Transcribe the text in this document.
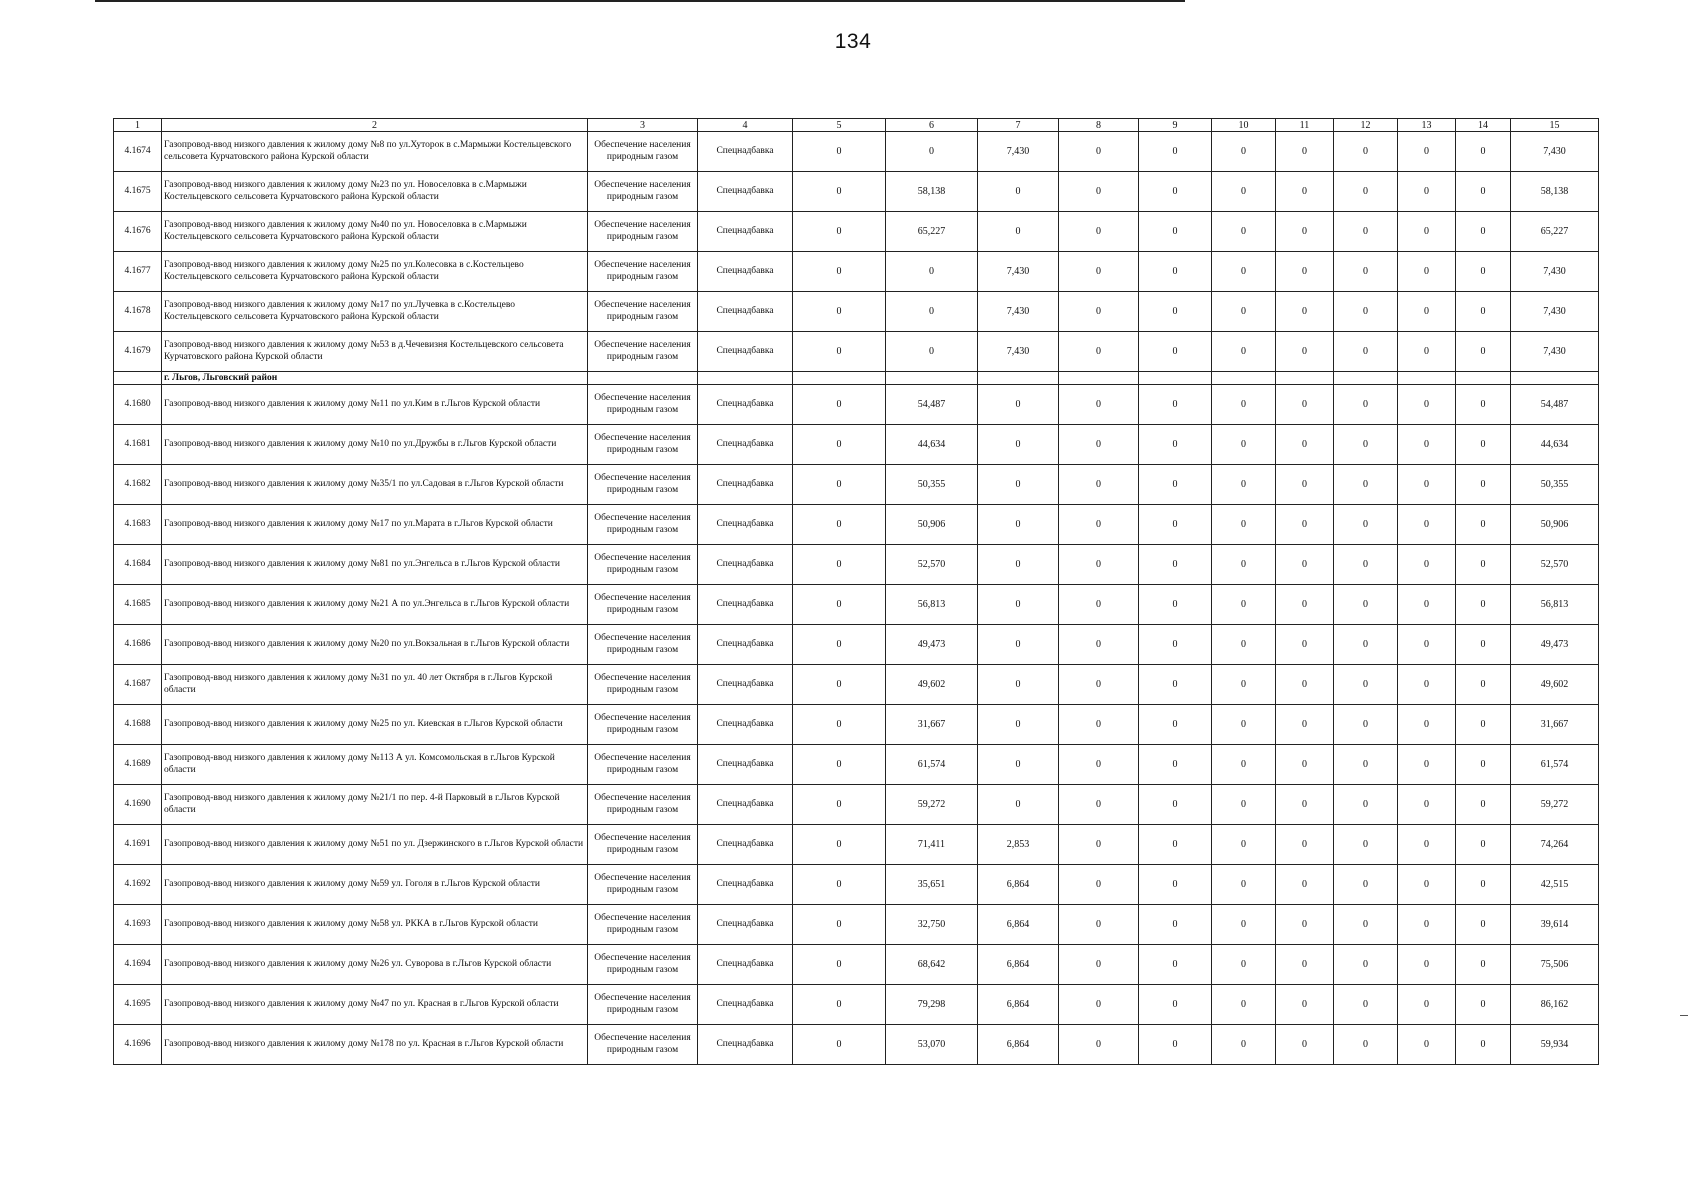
134
1	2	3	4	5	6	7	8	9	10	11	12	13	14	15
4.1674	Газопровод-ввод низкого давления к жилому дому №8 по ул.Хуторок в с.Мармыжи Костельцевского сельсовета Курчатовского района Курской области	Обеспечение населения природным газом	Спецнадбавка	0	0	7,430	0	0	0	0	0	0	0	7,430
4.1675	Газопровод-ввод низкого давления к жилому дому №23 по ул. Новоселовка в с.Мармыжи Костельцевского сельсовета Курчатовского района Курской области	Обеспечение населения природным газом	Спецнадбавка	0	58,138	0	0	0	0	0	0	0	0	58,138
4.1676	Газопровод-ввод низкого давления к жилому дому №40 по ул. Новоселовка в с.Мармыжи Костельцевского сельсовета Курчатовского района Курской области	Обеспечение населения природным газом	Спецнадбавка	0	65,227	0	0	0	0	0	0	0	0	65,227
4.1677	Газопровод-ввод низкого давления к жилому дому №25 по ул.Колесовка в с.Костельцево Костельцевского сельсовета Курчатовского района Курской области	Обеспечение населения природным газом	Спецнадбавка	0	0	7,430	0	0	0	0	0	0	0	7,430
4.1678	Газопровод-ввод низкого давления к жилому дому №17 по ул.Лучевка в с.Костельцево Костельцевского сельсовета Курчатовского района Курской области	Обеспечение населения природным газом	Спецнадбавка	0	0	7,430	0	0	0	0	0	0	0	7,430
4.1679	Газопровод-ввод низкого давления к жилому дому №53 в д.Чечевизня Костельцевского сельсовета Курчатовского района Курской области	Обеспечение населения природным газом	Спецнадбавка	0	0	7,430	0	0	0	0	0	0	0	7,430
	г. Льгов, Льговский район													
4.1680	Газопровод-ввод низкого давления к жилому дому №11 по ул.Ким в г.Льгов Курской области	Обеспечение населения природным газом	Спецнадбавка	0	54,487	0	0	0	0	0	0	0	0	54,487
4.1681	Газопровод-ввод низкого давления к жилому дому №10 по ул.Дружбы в г.Льгов Курской области	Обеспечение населения природным газом	Спецнадбавка	0	44,634	0	0	0	0	0	0	0	0	44,634
4.1682	Газопровод-ввод низкого давления к жилому дому №35/1 по ул.Садовая в г.Льгов Курской области	Обеспечение населения природным газом	Спецнадбавка	0	50,355	0	0	0	0	0	0	0	0	50,355
4.1683	Газопровод-ввод низкого давления к жилому дому №17 по ул.Марата в г.Льгов Курской области	Обеспечение населения природным газом	Спецнадбавка	0	50,906	0	0	0	0	0	0	0	0	50,906
4.1684	Газопровод-ввод низкого давления к жилому дому №81 по ул.Энгельса в г.Льгов Курской области	Обеспечение населения природным газом	Спецнадбавка	0	52,570	0	0	0	0	0	0	0	0	52,570
4.1685	Газопровод-ввод низкого давления к жилому дому №21 А по ул.Энгельса в г.Льгов Курской области	Обеспечение населения природным газом	Спецнадбавка	0	56,813	0	0	0	0	0	0	0	0	56,813
4.1686	Газопровод-ввод низкого давления к жилому дому №20 по ул.Вокзальная в г.Льгов Курской области	Обеспечение населения природным газом	Спецнадбавка	0	49,473	0	0	0	0	0	0	0	0	49,473
4.1687	Газопровод-ввод низкого давления к жилому дому №31 по ул. 40 лет Октября в г.Льгов Курской области	Обеспечение населения природным газом	Спецнадбавка	0	49,602	0	0	0	0	0	0	0	0	49,602
4.1688	Газопровод-ввод низкого давления к жилому дому №25 по ул. Киевская в г.Льгов Курской области	Обеспечение населения природным газом	Спецнадбавка	0	31,667	0	0	0	0	0	0	0	0	31,667
4.1689	Газопровод-ввод низкого давления к жилому дому №113 А ул. Комсомольская в г.Льгов Курской области	Обеспечение населения природным газом	Спецнадбавка	0	61,574	0	0	0	0	0	0	0	0	61,574
4.1690	Газопровод-ввод низкого давления к жилому дому №21/1 по пер. 4-й Парковый в г.Льгов Курской области	Обеспечение населения природным газом	Спецнадбавка	0	59,272	0	0	0	0	0	0	0	0	59,272
4.1691	Газопровод-ввод низкого давления к жилому дому №51 по ул. Дзержинского в г.Льгов Курской области	Обеспечение населения природным газом	Спецнадбавка	0	71,411	2,853	0	0	0	0	0	0	0	74,264
4.1692	Газопровод-ввод низкого давления к жилому дому №59 ул. Гоголя в г.Льгов Курской области	Обеспечение населения природным газом	Спецнадбавка	0	35,651	6,864	0	0	0	0	0	0	0	42,515
4.1693	Газопровод-ввод низкого давления к жилому дому №58 ул. РККА в г.Льгов Курской области	Обеспечение населения природным газом	Спецнадбавка	0	32,750	6,864	0	0	0	0	0	0	0	39,614
4.1694	Газопровод-ввод низкого давления к жилому дому №26 ул. Суворова в г.Льгов Курской области	Обеспечение населения природным газом	Спецнадбавка	0	68,642	6,864	0	0	0	0	0	0	0	75,506
4.1695	Газопровод-ввод низкого давления к жилому дому №47 по ул. Красная в г.Льгов Курской области	Обеспечение населения природным газом	Спецнадбавка	0	79,298	6,864	0	0	0	0	0	0	0	86,162
4.1696	Газопровод-ввод низкого давления к жилому дому №178 по ул. Красная в г.Льгов Курской области	Обеспечение населения природным газом	Спецнадбавка	0	53,070	6,864	0	0	0	0	0	0	0	59,934
